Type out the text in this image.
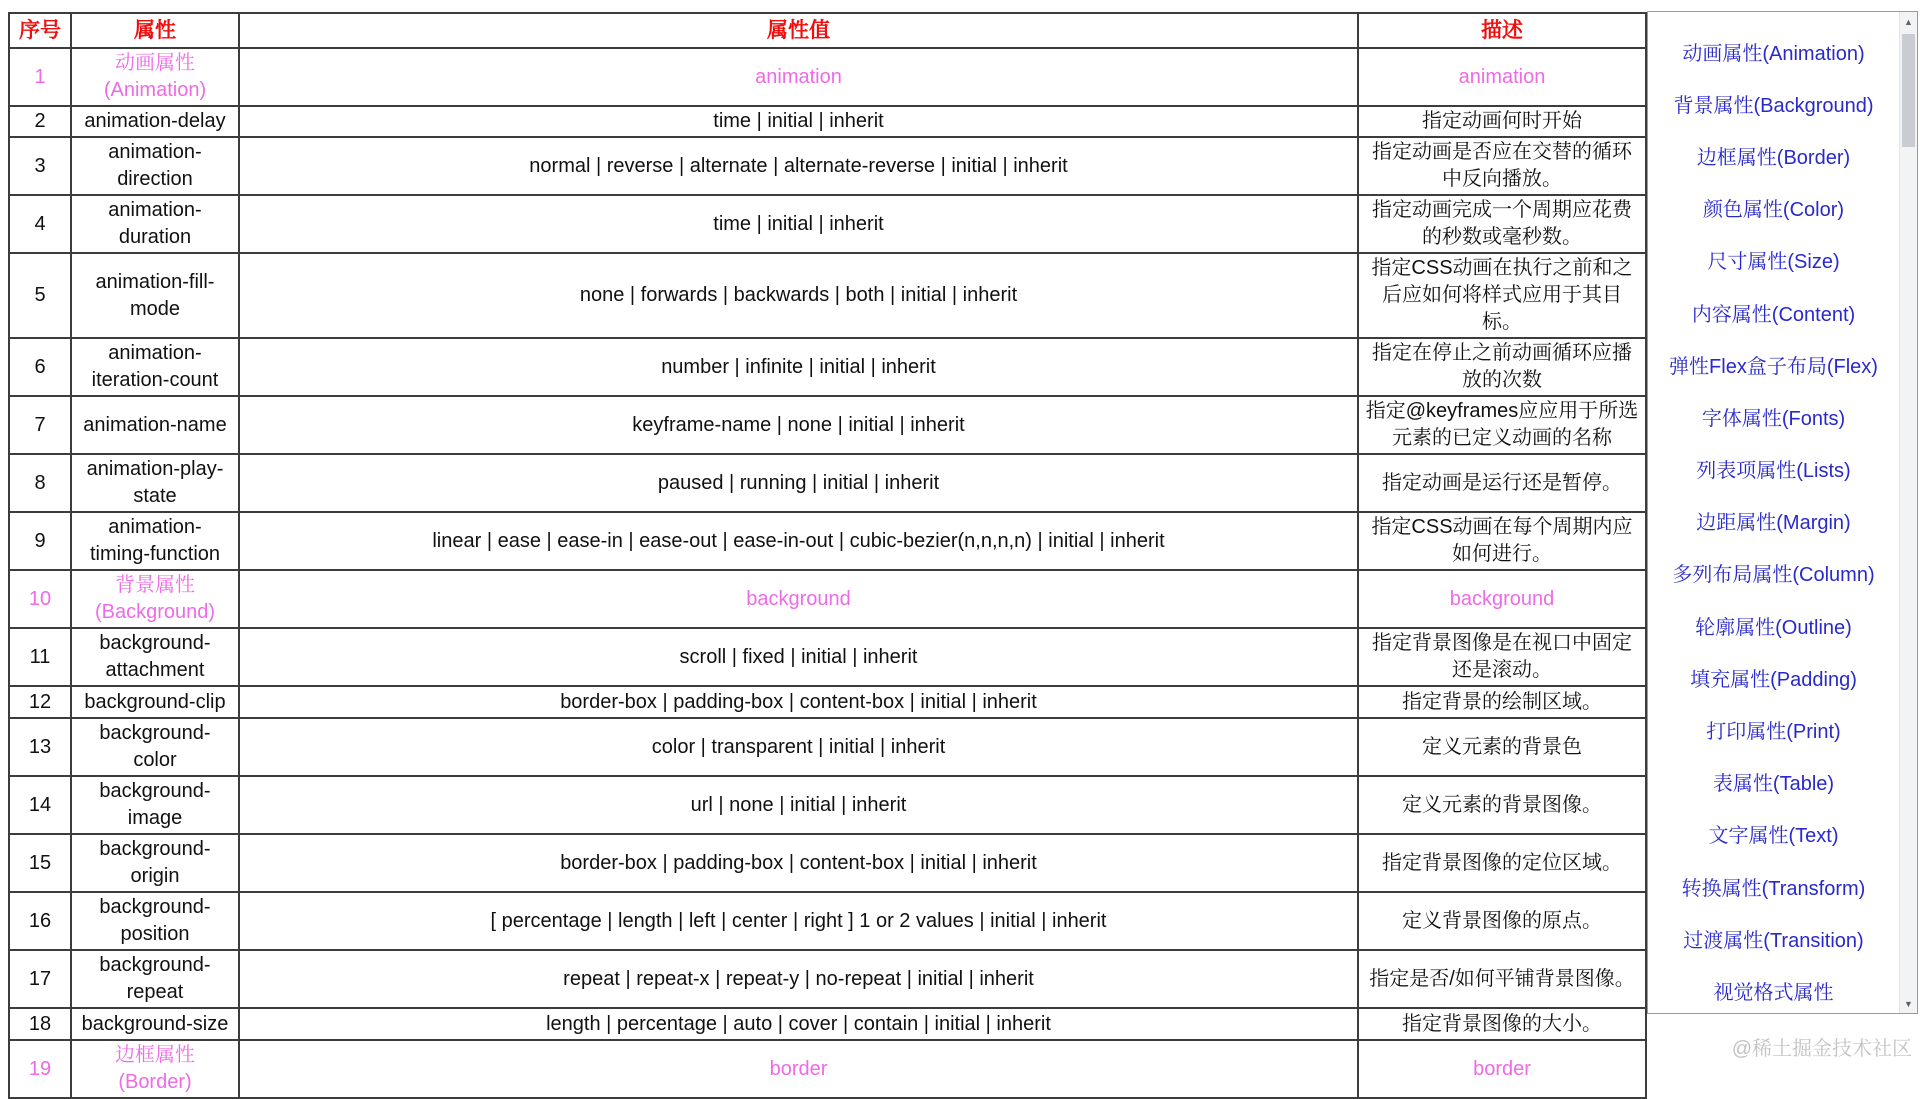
序号	属性	属性值	描述
1	动画属性(Animation)	animation	animation
2	animation-delay	time | initial | inherit	指定动画何时开始
3	animation-direction	normal | reverse | alternate | alternate-reverse | initial | inherit	指定动画是否应在交替的循环中反向播放。
4	animation-duration	time | initial | inherit	指定动画完成一个周期应花费的秒数或毫秒数。
5	animation-fill-mode	none | forwards | backwards | both | initial | inherit	指定CSS动画在执行之前和之后应如何将样式应用于其目标。
6	animation-iteration-count	number | infinite | initial | inherit	指定在停止之前动画循环应播放的次数
7	animation-name	keyframe-name | none | initial | inherit	指定@keyframes应应用于所选元素的已定义动画的名称
8	animation-play-state	paused | running | initial | inherit	指定动画是运行还是暂停。
9	animation-timing-function	linear | ease | ease-in | ease-out | ease-in-out | cubic-bezier(n,n,n,n) | initial | inherit	指定CSS动画在每个周期内应如何进行。
10	背景属性(Background)	background	background
11	background-attachment	scroll | fixed | initial | inherit	指定背景图像是在视口中固定还是滚动。
12	background-clip	border-box | padding-box | content-box | initial | inherit	指定背景的绘制区域。
13	background-color	color | transparent | initial | inherit	定义元素的背景色
14	background-image	url | none | initial | inherit	定义元素的背景图像。
15	background-origin	border-box | padding-box | content-box | initial | inherit	指定背景图像的定位区域。
16	background-position	[ percentage | length | left | center | right ] 1 or 2 values | initial | inherit	定义背景图像的原点。
17	background-repeat	repeat | repeat-x | repeat-y | no-repeat | initial | inherit	指定是否/如何平铺背景图像。
18	background-size	length | percentage | auto | cover | contain | initial | inherit	指定背景图像的大小。
19	边框属性(Border)	border	border
动画属性(Animation)
背景属性(Background)
边框属性(Border)
颜色属性(Color)
尺寸属性(Size)
内容属性(Content)
弹性Flex盒子布局(Flex)
字体属性(Fonts)
列表项属性(Lists)
边距属性(Margin)
多列布局属性(Column)
轮廓属性(Outline)
填充属性(Padding)
打印属性(Print)
表属性(Table)
文字属性(Text)
转换属性(Transform)
过渡属性(Transition)
视觉格式属性
▲
▼
@稀土掘金技术社区
